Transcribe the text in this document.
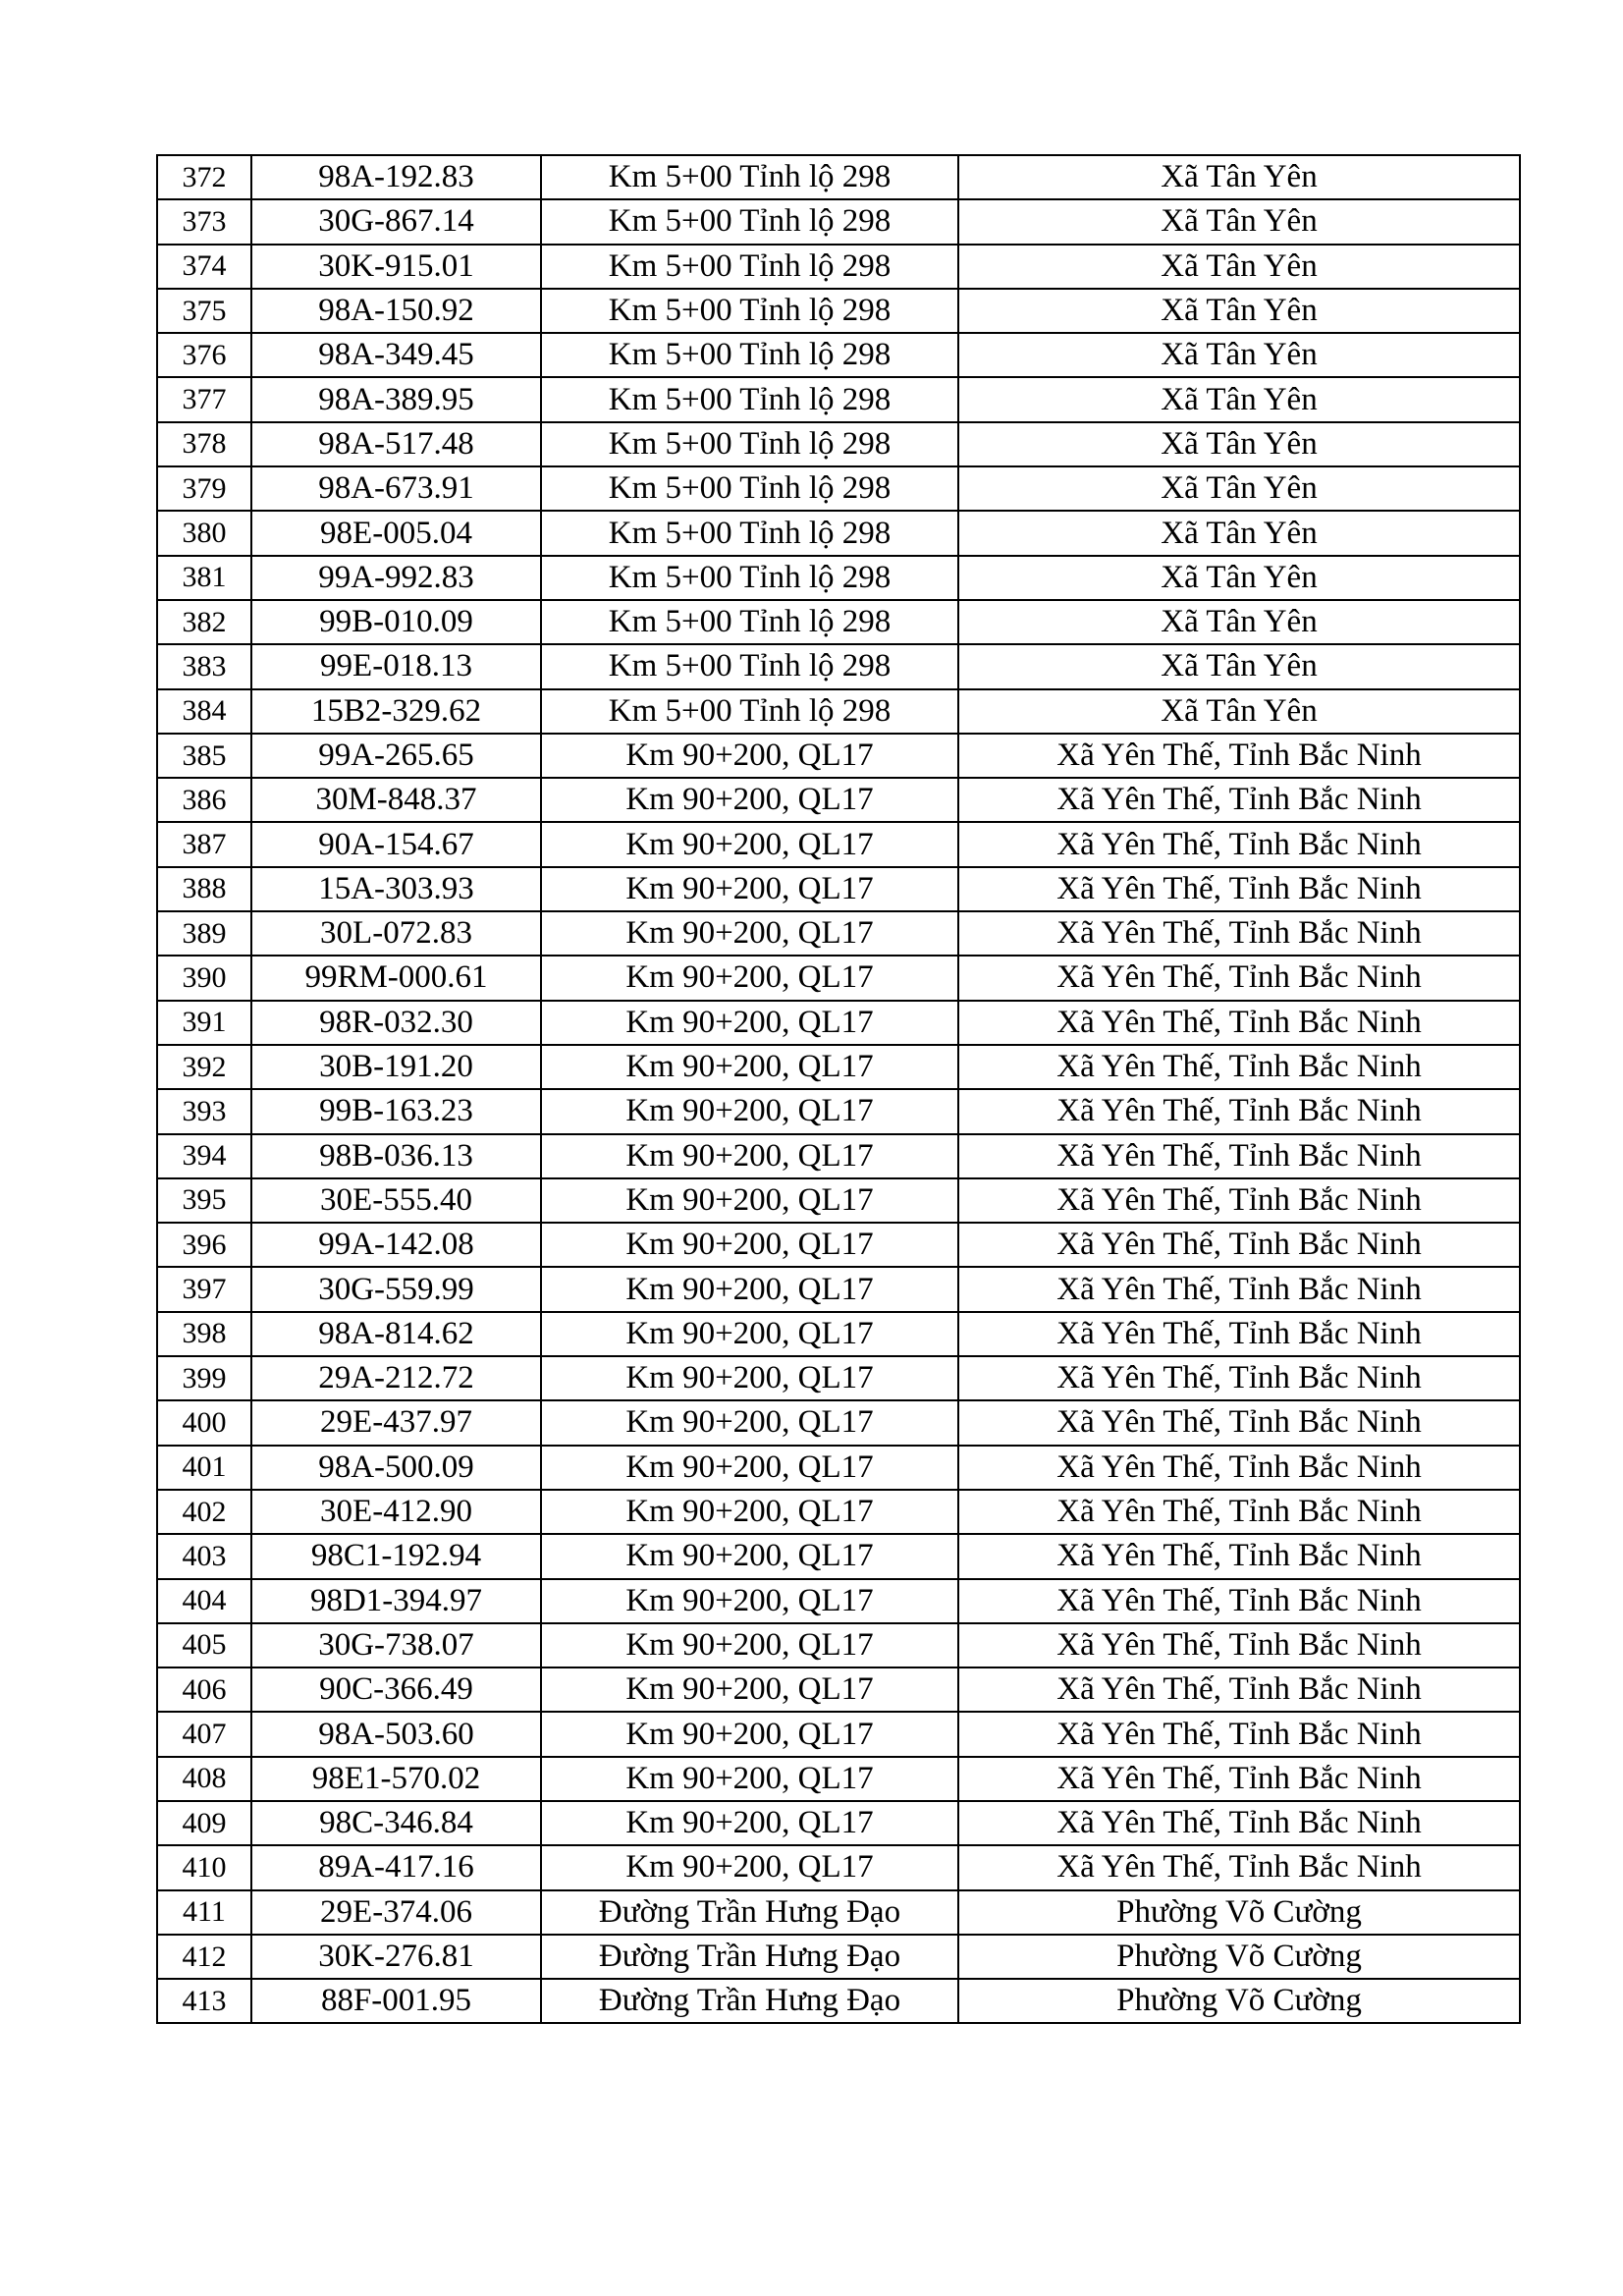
372	98A-192.83	Km 5+00 Tỉnh lộ 298	Xã Tân Yên
373	30G-867.14	Km 5+00 Tỉnh lộ 298	Xã Tân Yên
374	30K-915.01	Km 5+00 Tỉnh lộ 298	Xã Tân Yên
375	98A-150.92	Km 5+00 Tỉnh lộ 298	Xã Tân Yên
376	98A-349.45	Km 5+00 Tỉnh lộ 298	Xã Tân Yên
377	98A-389.95	Km 5+00 Tỉnh lộ 298	Xã Tân Yên
378	98A-517.48	Km 5+00 Tỉnh lộ 298	Xã Tân Yên
379	98A-673.91	Km 5+00 Tỉnh lộ 298	Xã Tân Yên
380	98E-005.04	Km 5+00 Tỉnh lộ 298	Xã Tân Yên
381	99A-992.83	Km 5+00 Tỉnh lộ 298	Xã Tân Yên
382	99B-010.09	Km 5+00 Tỉnh lộ 298	Xã Tân Yên
383	99E-018.13	Km 5+00 Tỉnh lộ 298	Xã Tân Yên
384	15B2-329.62	Km 5+00 Tỉnh lộ 298	Xã Tân Yên
385	99A-265.65	Km 90+200, QL17	Xã Yên Thế, Tỉnh Bắc Ninh
386	30M-848.37	Km 90+200, QL17	Xã Yên Thế, Tỉnh Bắc Ninh
387	90A-154.67	Km 90+200, QL17	Xã Yên Thế, Tỉnh Bắc Ninh
388	15A-303.93	Km 90+200, QL17	Xã Yên Thế, Tỉnh Bắc Ninh
389	30L-072.83	Km 90+200, QL17	Xã Yên Thế, Tỉnh Bắc Ninh
390	99RM-000.61	Km 90+200, QL17	Xã Yên Thế, Tỉnh Bắc Ninh
391	98R-032.30	Km 90+200, QL17	Xã Yên Thế, Tỉnh Bắc Ninh
392	30B-191.20	Km 90+200, QL17	Xã Yên Thế, Tỉnh Bắc Ninh
393	99B-163.23	Km 90+200, QL17	Xã Yên Thế, Tỉnh Bắc Ninh
394	98B-036.13	Km 90+200, QL17	Xã Yên Thế, Tỉnh Bắc Ninh
395	30E-555.40	Km 90+200, QL17	Xã Yên Thế, Tỉnh Bắc Ninh
396	99A-142.08	Km 90+200, QL17	Xã Yên Thế, Tỉnh Bắc Ninh
397	30G-559.99	Km 90+200, QL17	Xã Yên Thế, Tỉnh Bắc Ninh
398	98A-814.62	Km 90+200, QL17	Xã Yên Thế, Tỉnh Bắc Ninh
399	29A-212.72	Km 90+200, QL17	Xã Yên Thế, Tỉnh Bắc Ninh
400	29E-437.97	Km 90+200, QL17	Xã Yên Thế, Tỉnh Bắc Ninh
401	98A-500.09	Km 90+200, QL17	Xã Yên Thế, Tỉnh Bắc Ninh
402	30E-412.90	Km 90+200, QL17	Xã Yên Thế, Tỉnh Bắc Ninh
403	98C1-192.94	Km 90+200, QL17	Xã Yên Thế, Tỉnh Bắc Ninh
404	98D1-394.97	Km 90+200, QL17	Xã Yên Thế, Tỉnh Bắc Ninh
405	30G-738.07	Km 90+200, QL17	Xã Yên Thế, Tỉnh Bắc Ninh
406	90C-366.49	Km 90+200, QL17	Xã Yên Thế, Tỉnh Bắc Ninh
407	98A-503.60	Km 90+200, QL17	Xã Yên Thế, Tỉnh Bắc Ninh
408	98E1-570.02	Km 90+200, QL17	Xã Yên Thế, Tỉnh Bắc Ninh
409	98C-346.84	Km 90+200, QL17	Xã Yên Thế, Tỉnh Bắc Ninh
410	89A-417.16	Km 90+200, QL17	Xã Yên Thế, Tỉnh Bắc Ninh
411	29E-374.06	Đường Trần Hưng Đạo	Phường Võ Cường
412	30K-276.81	Đường Trần Hưng Đạo	Phường Võ Cường
413	88F-001.95	Đường Trần Hưng Đạo	Phường Võ Cường
